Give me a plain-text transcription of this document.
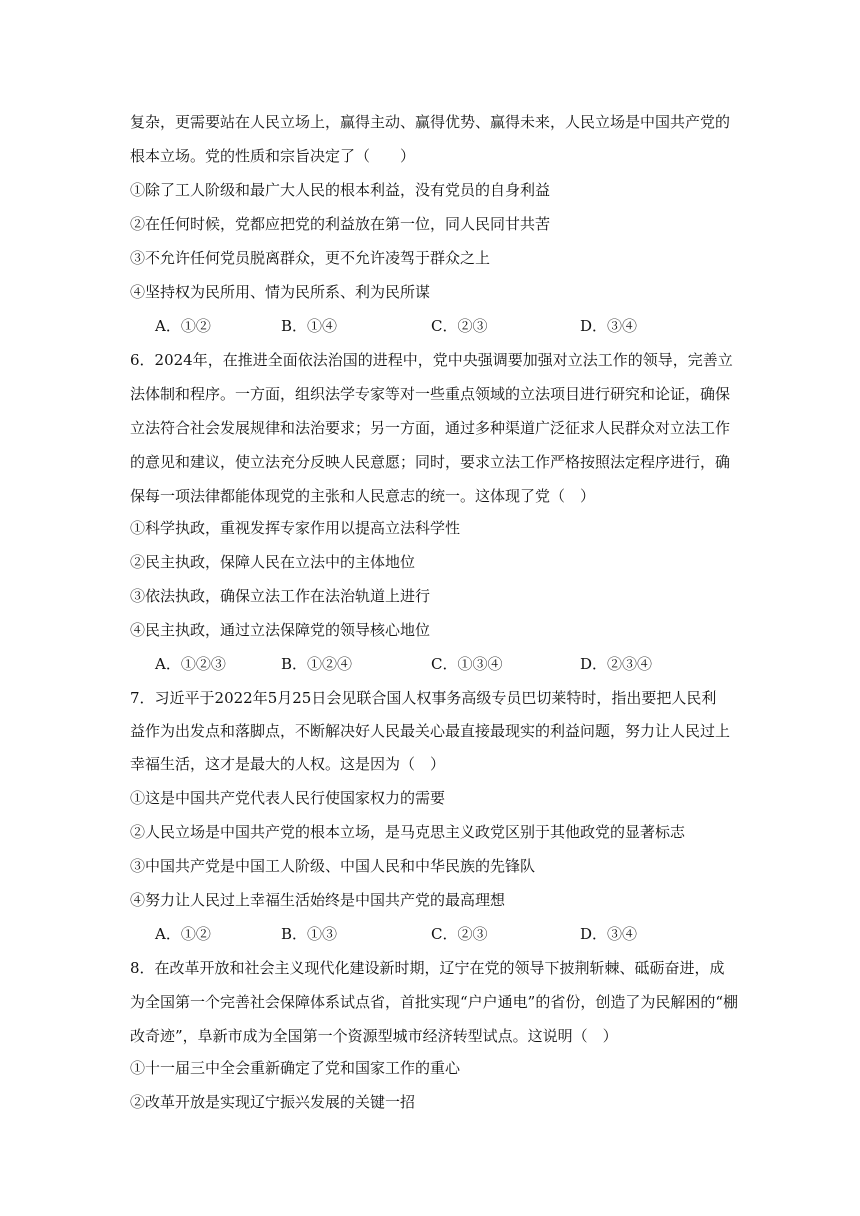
复杂，更需要站在人民立场上，赢得主动、赢得优势、赢得未来，人民立场是中国共产党的
根本立场。党的性质和宗旨决定了（　　）
①除了工人阶级和最广大人民的根本利益，没有党员的自身利益
②在任何时候，党都应把党的利益放在第一位，同人民同甘共苦
③不允许任何党员脱离群众，更不允许凌驾于群众之上
④坚持权为民所用、情为民所系、利为民所谋
A．①②	B．①④	C．②③	D．③④
6．2024年，在推进全面依法治国的进程中，党中央强调要加强对立法工作的领导，完善立
法体制和程序。一方面，组织法学专家等对一些重点领域的立法项目进行研究和论证，确保
立法符合社会发展规律和法治要求；另一方面，通过多种渠道广泛征求人民群众对立法工作
的意见和建议，使立法充分反映人民意愿；同时，要求立法工作严格按照法定程序进行，确
保每一项法律都能体现党的主张和人民意志的统一。这体现了党（　）
①科学执政，重视发挥专家作用以提高立法科学性
②民主执政，保障人民在立法中的主体地位
③依法执政，确保立法工作在法治轨道上进行
④民主执政，通过立法保障党的领导核心地位
A．①②③	B．①②④	C．①③④	D．②③④
7．习近平于2022年5月25日会见联合国人权事务高级专员巴切莱特时，指出要把人民利
益作为出发点和落脚点，不断解决好人民最关心最直接最现实的利益问题，努力让人民过上
幸福生活，这才是最大的人权。这是因为（　）
①这是中国共产党代表人民行使国家权力的需要
②人民立场是中国共产党的根本立场，是马克思主义政党区别于其他政党的显著标志
③中国共产党是中国工人阶级、中国人民和中华民族的先锋队
④努力让人民过上幸福生活始终是中国共产党的最高理想
A．①②	B．①③	C．②③	D．③④
8．在改革开放和社会主义现代化建设新时期，辽宁在党的领导下披荆斩棘、砥砺奋进，成
为全国第一个完善社会保障体系试点省，首批实现“户户通电”的省份，创造了为民解困的“棚
改奇迹”，阜新市成为全国第一个资源型城市经济转型试点。这说明（　）
①十一届三中全会重新确定了党和国家工作的重心
②改革开放是实现辽宁振兴发展的关键一招
